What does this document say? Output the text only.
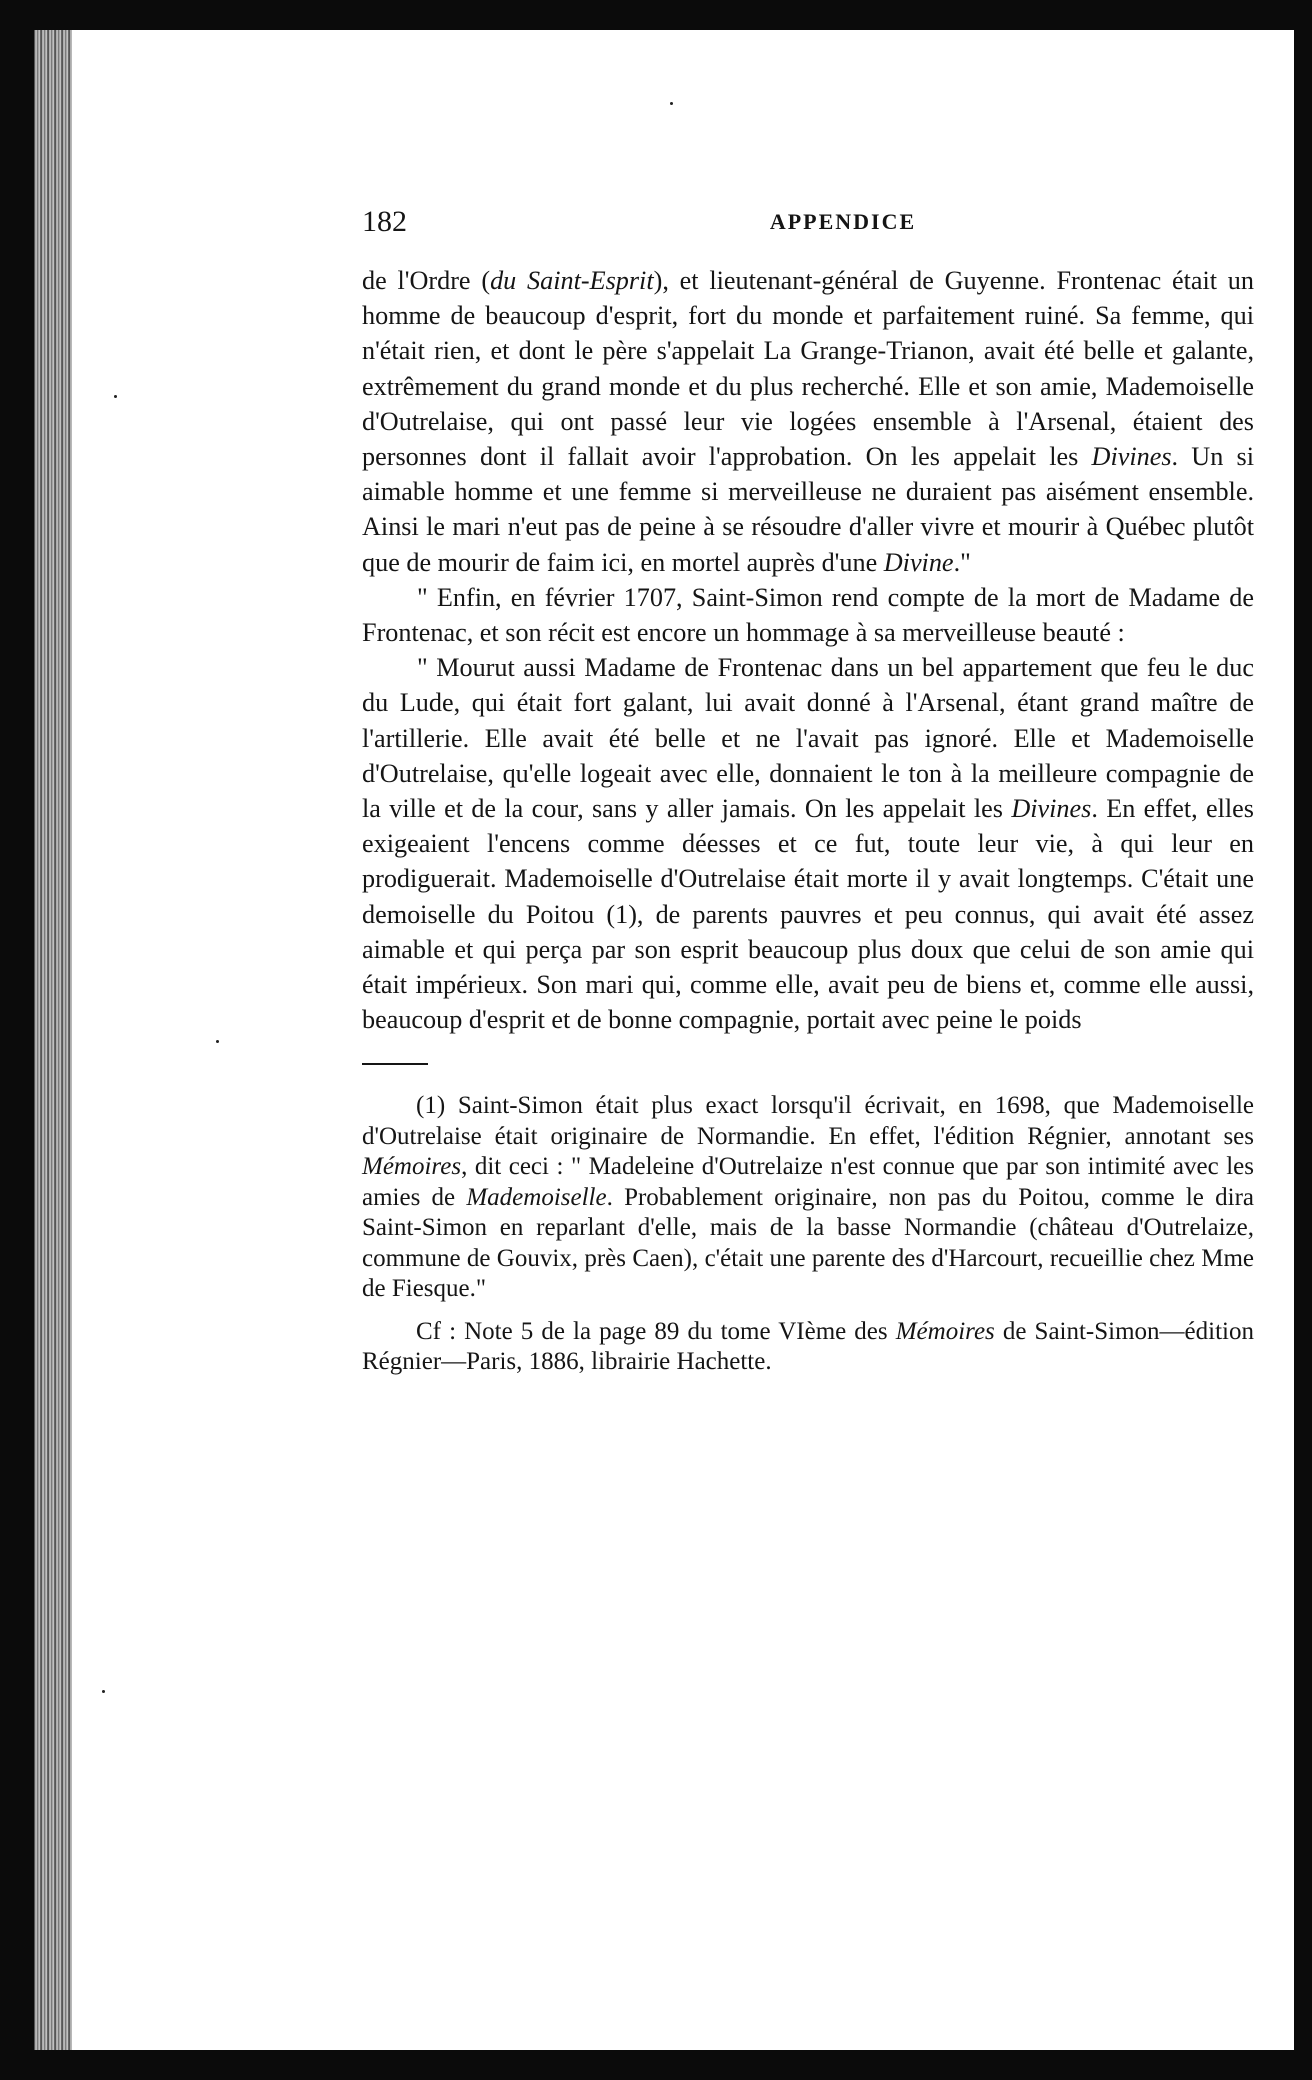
182	APPENDICE

de l'Ordre (du Saint-Esprit), et lieutenant-général de Guyenne. Frontenac était un homme de beaucoup d'esprit, fort du monde et parfaitement ruiné. Sa femme, qui n'était rien, et dont le père s'appelait La Grange-Trianon, avait été belle et galante, extrêmement du grand monde et du plus recherché. Elle et son amie, Mademoiselle d'Outrelaise, qui ont passé leur vie logées ensemble à l'Arsenal, étaient des personnes dont il fallait avoir l'approbation. On les appelait les Divines. Un si aimable homme et une femme si merveilleuse ne duraient pas aisément ensemble. Ainsi le mari n'eut pas de peine à se résoudre d'aller vivre et mourir à Québec plutôt que de mourir de faim ici, en mortel auprès d'une Divine."

" Enfin, en février 1707, Saint-Simon rend compte de la mort de Madame de Frontenac, et son récit est encore un hommage à sa merveilleuse beauté :

" Mourut aussi Madame de Frontenac dans un bel appartement que feu le duc du Lude, qui était fort galant, lui avait donné à l'Arsenal, étant grand maître de l'artillerie. Elle avait été belle et ne l'avait pas ignoré. Elle et Mademoiselle d'Outrelaise, qu'elle logeait avec elle, donnaient le ton à la meilleure compagnie de la ville et de la cour, sans y aller jamais. On les appelait les Divines. En effet, elles exigeaient l'encens comme déesses et ce fut, toute leur vie, à qui leur en prodiguerait. Mademoiselle d'Outrelaise était morte il y avait longtemps. C'était une demoiselle du Poitou (1), de parents pauvres et peu connus, qui avait été assez aimable et qui perça par son esprit beaucoup plus doux que celui de son amie qui était impérieux. Son mari qui, comme elle, avait peu de biens et, comme elle aussi, beaucoup d'esprit et de bonne compagnie, portait avec peine le poids

(1) Saint-Simon était plus exact lorsqu'il écrivait, en 1698, que Mademoiselle d'Outrelaise était originaire de Normandie. En effet, l'édition Régnier, annotant ses Mémoires, dit ceci : " Madeleine d'Outrelaize n'est connue que par son intimité avec les amies de Mademoiselle. Probablement originaire, non pas du Poitou, comme le dira Saint-Simon en reparlant d'elle, mais de la basse Normandie (château d'Outrelaize, commune de Gouvix, près Caen), c'était une parente des d'Harcourt, recueillie chez Mme de Fiesque."

Cf : Note 5 de la page 89 du tome VIème des Mémoires de Saint-Simon—édition Régnier—Paris, 1886, librairie Hachette.
